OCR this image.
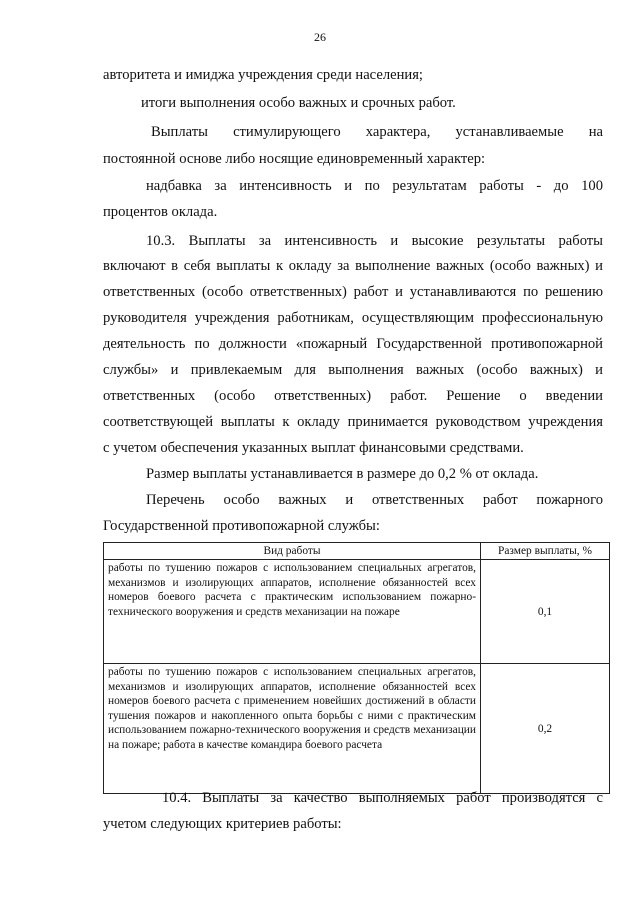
26
авторитета и имиджа учреждения среди населения;
итоги выполнения особо важных и срочных работ.
Выплаты стимулирующего характера, устанавливаемые на
постоянной основе либо носящие единовременный характер:
надбавка за интенсивность и по результатам работы - до 100
процентов оклада.
10.3. Выплаты за интенсивность и высокие результаты работы
включают в себя выплаты к окладу за выполнение важных (особо важных) и
ответственных (особо ответственных) работ и устанавливаются по решению
руководителя учреждения работникам, осуществляющим профессиональную
деятельность по должности «пожарный Государственной противопожарной
службы» и привлекаемым для выполнения важных (особо важных) и
ответственных (особо ответственных) работ. Решение о введении
соответствующей выплаты к окладу принимается руководством учреждения
с учетом обеспечения указанных выплат финансовыми средствами.
Размер выплаты устанавливается в размере до 0,2 % от оклада.
Перечень особо важных и ответственных работ пожарного
Государственной противопожарной службы:
Вид работы	Размер выплаты, %
работы по тушению пожаров с использованием специальных агрегатов, механизмов и изолирующих аппаратов, исполнение обязанностей всех номеров боевого расчета с практическим использованием пожарно-технического вооружения и средств механизации на пожаре	0,1
работы по тушению пожаров с использованием специальных агрегатов, механизмов и изолирующих аппаратов, исполнение обязанностей всех номеров боевого расчета с применением новейших достижений в области тушения пожаров и накопленного опыта борьбы с ними с практическим использованием пожарно-технического вооружения и средств механизации на пожаре; работа в качестве командира боевого расчета	0,2
10.4. Выплаты за качество выполняемых работ производятся с
учетом следующих критериев работы:
